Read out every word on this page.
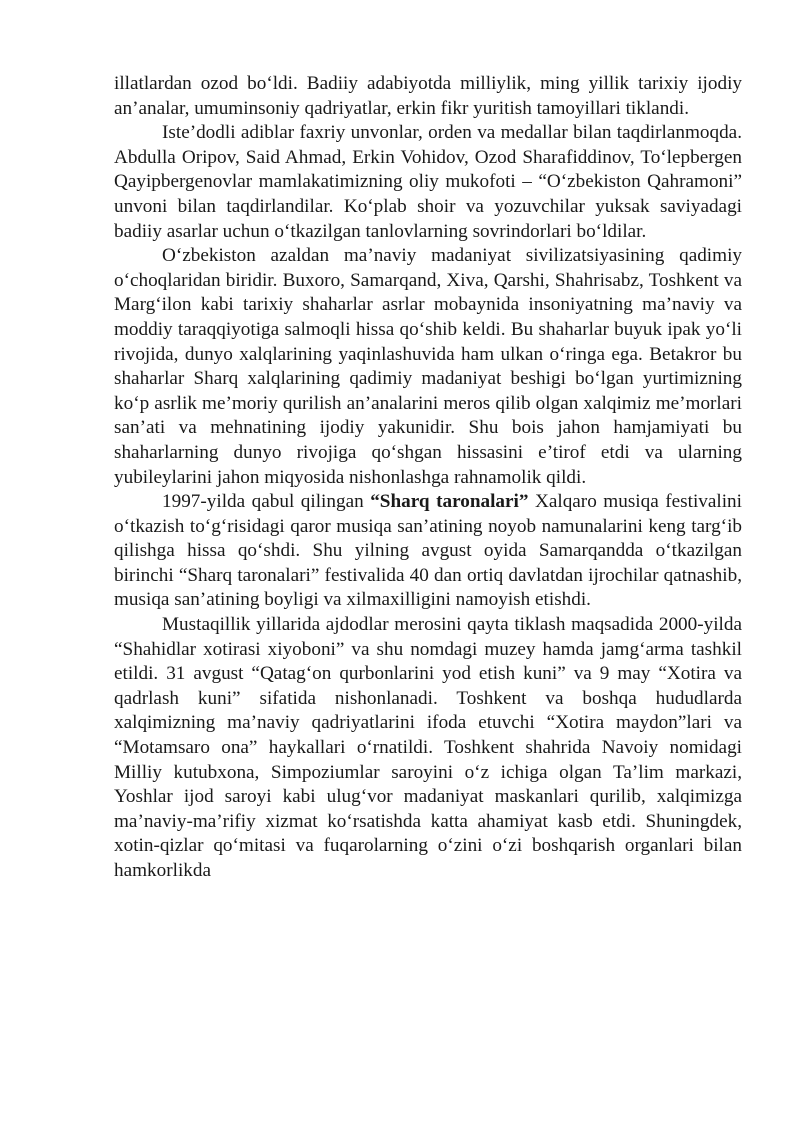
illatlardan ozod bo‘ldi. Badiiy adabiyotda milliylik, ming yillik tarixiy ijodiy an’analar, umuminsoniy qadriyatlar, erkin fikr yuritish tamoyillari tiklandi.

Iste’dodli adiblar faxriy unvonlar, orden va medallar bilan taqdirlanmoqda. Abdulla Oripov, Said Ahmad, Erkin Vohidov, Ozod Sharafiddinov, To‘lepbergen Qayipbergenovlar mamlakatimizning oliy mukofoti – “O‘zbekiston Qahramoni” unvoni bilan taqdirlandilar. Ko‘plab shoir va yozuvchilar yuksak saviyadagi badiiy asarlar uchun o‘tkazilgan tanlovlarning sovrindorlari bo‘ldilar.

O‘zbekiston azaldan ma’naviy madaniyat sivilizatsiyasining qadimiy o‘choqlaridan biridir. Buxoro, Samarqand, Xiva, Qarshi, Shahrisabz, Toshkent va Marg‘ilon kabi tarixiy shaharlar asrlar mobaynida insoniyatning ma’naviy va moddiy taraqqiyotiga salmoqli hissa qo‘shib keldi. Bu shaharlar buyuk ipak yo‘li rivojida, dunyo xalqlarining yaqinlashuvida ham ulkan o‘ringa ega. Betakror bu shaharlar Sharq xalqlarining qadimiy madaniyat beshigi bo‘lgan yurtimizning ko‘p asrlik me’moriy qurilish an’analarini meros qilib olgan xalqimiz me’morlari san’ati va mehnatining ijodiy yakunidir. Shu bois jahon hamjamiyati bu shaharlarning dunyo rivojiga qo‘shgan hissasini e’tirof etdi va ularning yubileylarini jahon miqyosida nishonlashga rahnamolik qildi.

1997-yilda qabul qilingan “Sharq taronalari” Xalqaro musiqa festivalini o‘tkazish to‘g‘risidagi qaror musiqa san’atining noyob namunalarini keng targ‘ib qilishga hissa qo‘shdi. Shu yilning avgust oyida Samarqandda o‘tkazilgan birinchi “Sharq taronalari” festivalida 40 dan ortiq davlatdan ijrochilar qatnashib, musiqa san’atining boyligi va xilmaxilligini namoyish etishdi.

Mustaqillik yillarida ajdodlar merosini qayta tiklash maqsadida 2000-yilda “Shahidlar xotirasi xiyoboni” va shu nomdagi muzey hamda jamg‘arma tashkil etildi. 31 avgust “Qatag‘on qurbonlarini yod etish kuni” va 9 may “Xotira va qadrlash kuni” sifatida nishonlanadi. Toshkent va boshqa hududlarda xalqimizning ma’naviy qadriyatlarini ifoda etuvchi “Xotira maydon”lari va “Motamsaro ona” haykallari o‘rnatildi. Toshkent shahrida Navoiy nomidagi Milliy kutubxona, Simpoziumlar saroyini o‘z ichiga olgan Ta’lim markazi, Yoshlar ijod saroyi kabi ulug‘vor madaniyat maskanlari qurilib, xalqimizga ma’naviy-ma’rifiy xizmat ko‘rsatishda katta ahamiyat kasb etdi. Shuningdek, xotin-qizlar qo‘mitasi va fuqarolarning o‘zini o‘zi boshqarish organlari bilan hamkorlikda
